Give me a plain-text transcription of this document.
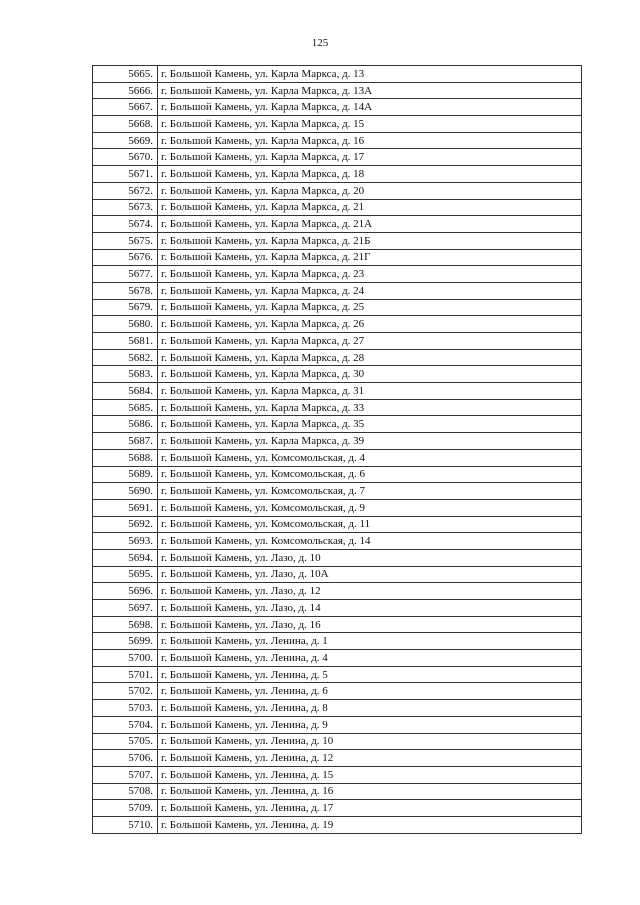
125
5665.	г. Большой Камень, ул. Карла Маркса, д. 13
5666.	г. Большой Камень, ул. Карла Маркса, д. 13А
5667.	г. Большой Камень, ул. Карла Маркса, д. 14А
5668.	г. Большой Камень, ул. Карла Маркса, д. 15
5669.	г. Большой Камень, ул. Карла Маркса, д. 16
5670.	г. Большой Камень, ул. Карла Маркса, д. 17
5671.	г. Большой Камень, ул. Карла Маркса, д. 18
5672.	г. Большой Камень, ул. Карла Маркса, д. 20
5673.	г. Большой Камень, ул. Карла Маркса, д. 21
5674.	г. Большой Камень, ул. Карла Маркса, д. 21А
5675.	г. Большой Камень, ул. Карла Маркса, д. 21Б
5676.	г. Большой Камень, ул. Карла Маркса, д. 21Г
5677.	г. Большой Камень, ул. Карла Маркса, д. 23
5678.	г. Большой Камень, ул. Карла Маркса, д. 24
5679.	г. Большой Камень, ул. Карла Маркса, д. 25
5680.	г. Большой Камень, ул. Карла Маркса, д. 26
5681.	г. Большой Камень, ул. Карла Маркса, д. 27
5682.	г. Большой Камень, ул. Карла Маркса, д. 28
5683.	г. Большой Камень, ул. Карла Маркса, д. 30
5684.	г. Большой Камень, ул. Карла Маркса, д. 31
5685.	г. Большой Камень, ул. Карла Маркса, д. 33
5686.	г. Большой Камень, ул. Карла Маркса, д. 35
5687.	г. Большой Камень, ул. Карла Маркса, д. 39
5688.	г. Большой Камень, ул. Комсомольская, д. 4
5689.	г. Большой Камень, ул. Комсомольская, д. 6
5690.	г. Большой Камень, ул. Комсомольская, д. 7
5691.	г. Большой Камень, ул. Комсомольская, д. 9
5692.	г. Большой Камень, ул. Комсомольская, д. 11
5693.	г. Большой Камень, ул. Комсомольская, д. 14
5694.	г. Большой Камень, ул. Лазо, д. 10
5695.	г. Большой Камень, ул. Лазо, д. 10А
5696.	г. Большой Камень, ул. Лазо, д. 12
5697.	г. Большой Камень, ул. Лазо, д. 14
5698.	г. Большой Камень, ул. Лазо, д. 16
5699.	г. Большой Камень, ул. Ленина, д. 1
5700.	г. Большой Камень, ул. Ленина, д. 4
5701.	г. Большой Камень, ул. Ленина, д. 5
5702.	г. Большой Камень, ул. Ленина, д. 6
5703.	г. Большой Камень, ул. Ленина, д. 8
5704.	г. Большой Камень, ул. Ленина, д. 9
5705.	г. Большой Камень, ул. Ленина, д. 10
5706.	г. Большой Камень, ул. Ленина, д. 12
5707.	г. Большой Камень, ул. Ленина, д. 15
5708.	г. Большой Камень, ул. Ленина, д. 16
5709.	г. Большой Камень, ул. Ленина, д. 17
5710.	г. Большой Камень, ул. Ленина, д. 19
